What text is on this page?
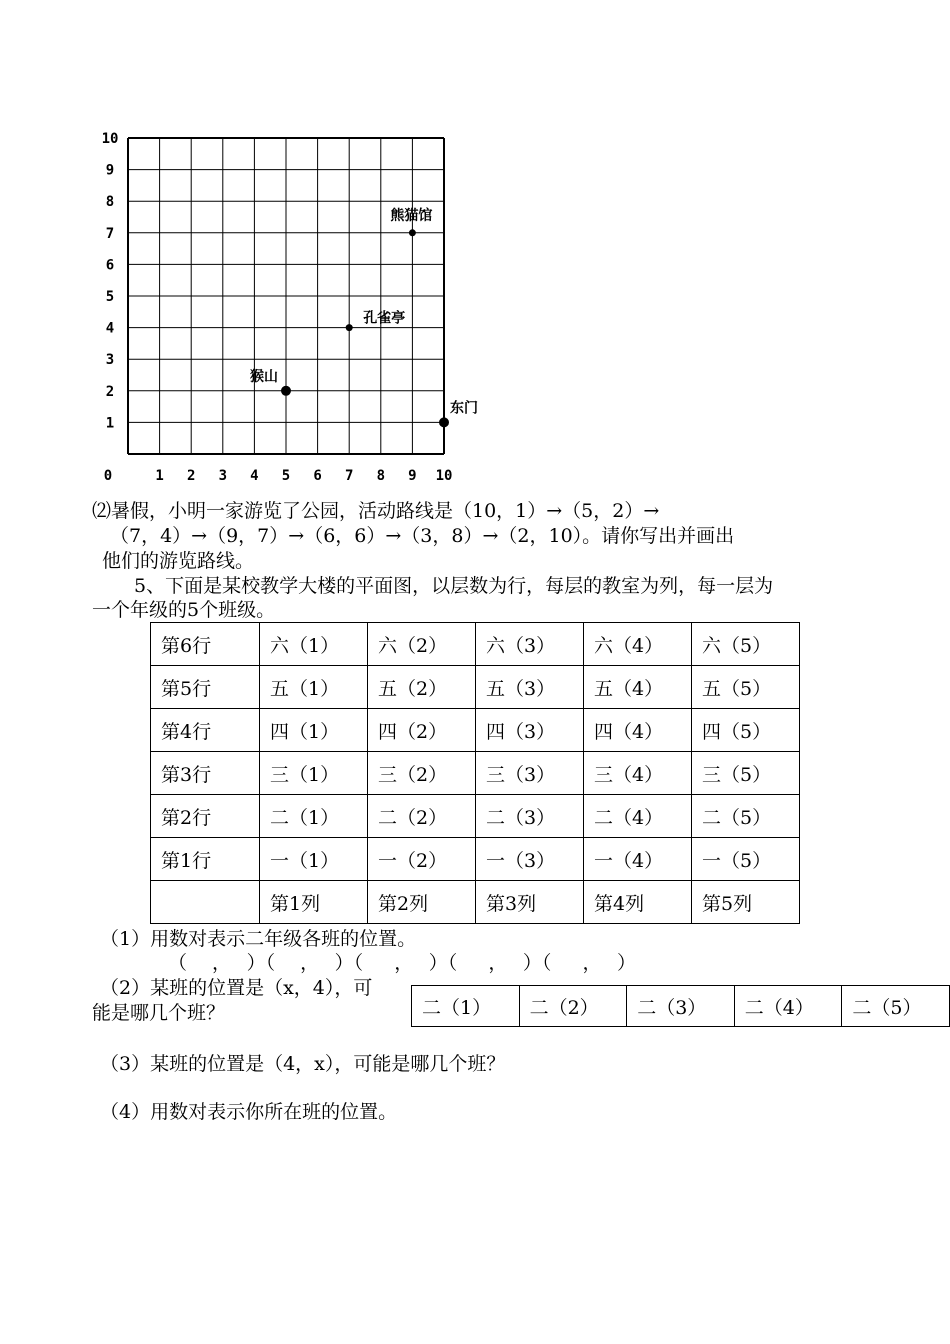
0	1 2 3 4 5 6 7 8 9 10
1
2
3
4
5
6
7
8
9
10
熊猫馆
孔雀亭
猴山
东门
⑵暑假，小明一家游览了公园，活动路线是（10，1）→（5，2）→
（7，4）→（9，7）→（6，6）→（3，8）→（2，10）。请你写出并画出
他们的游览路线。
5、下面是某校教学大楼的平面图，以层数为行，每层的教室为列，每一层为
一个年级的5个班级。
第6行	六（1）	六（2）	六（3）	六（4）	六（5）
第5行	五（1）	五（2）	五（3）	五（4）	五（5）
第4行	四（1）	四（2）	四（3）	四（4）	四（5）
第3行	三（1）	三（2）	三（3）	三（4）	三（5）
第2行	二（1）	二（2）	二（3）	二（4）	二（5）
第1行	一（1）	一（2）	一（3）	一（4）	一（5）
	第1列	第2列	第3列	第4列	第5列
（1）用数对表示二年级各班的位置。
（　 ，　 ）（　 ，　 ）（　  ，　 ）（　  ，　 ）（　  ，　 ）
（2）某班的位置是（x，4），可
能是哪几个班？	二（1）	二（2）	二（3）	二（4）	二（5）
（3）某班的位置是（4，x），可能是哪几个班？
（4）用数对表示你所在班的位置。
